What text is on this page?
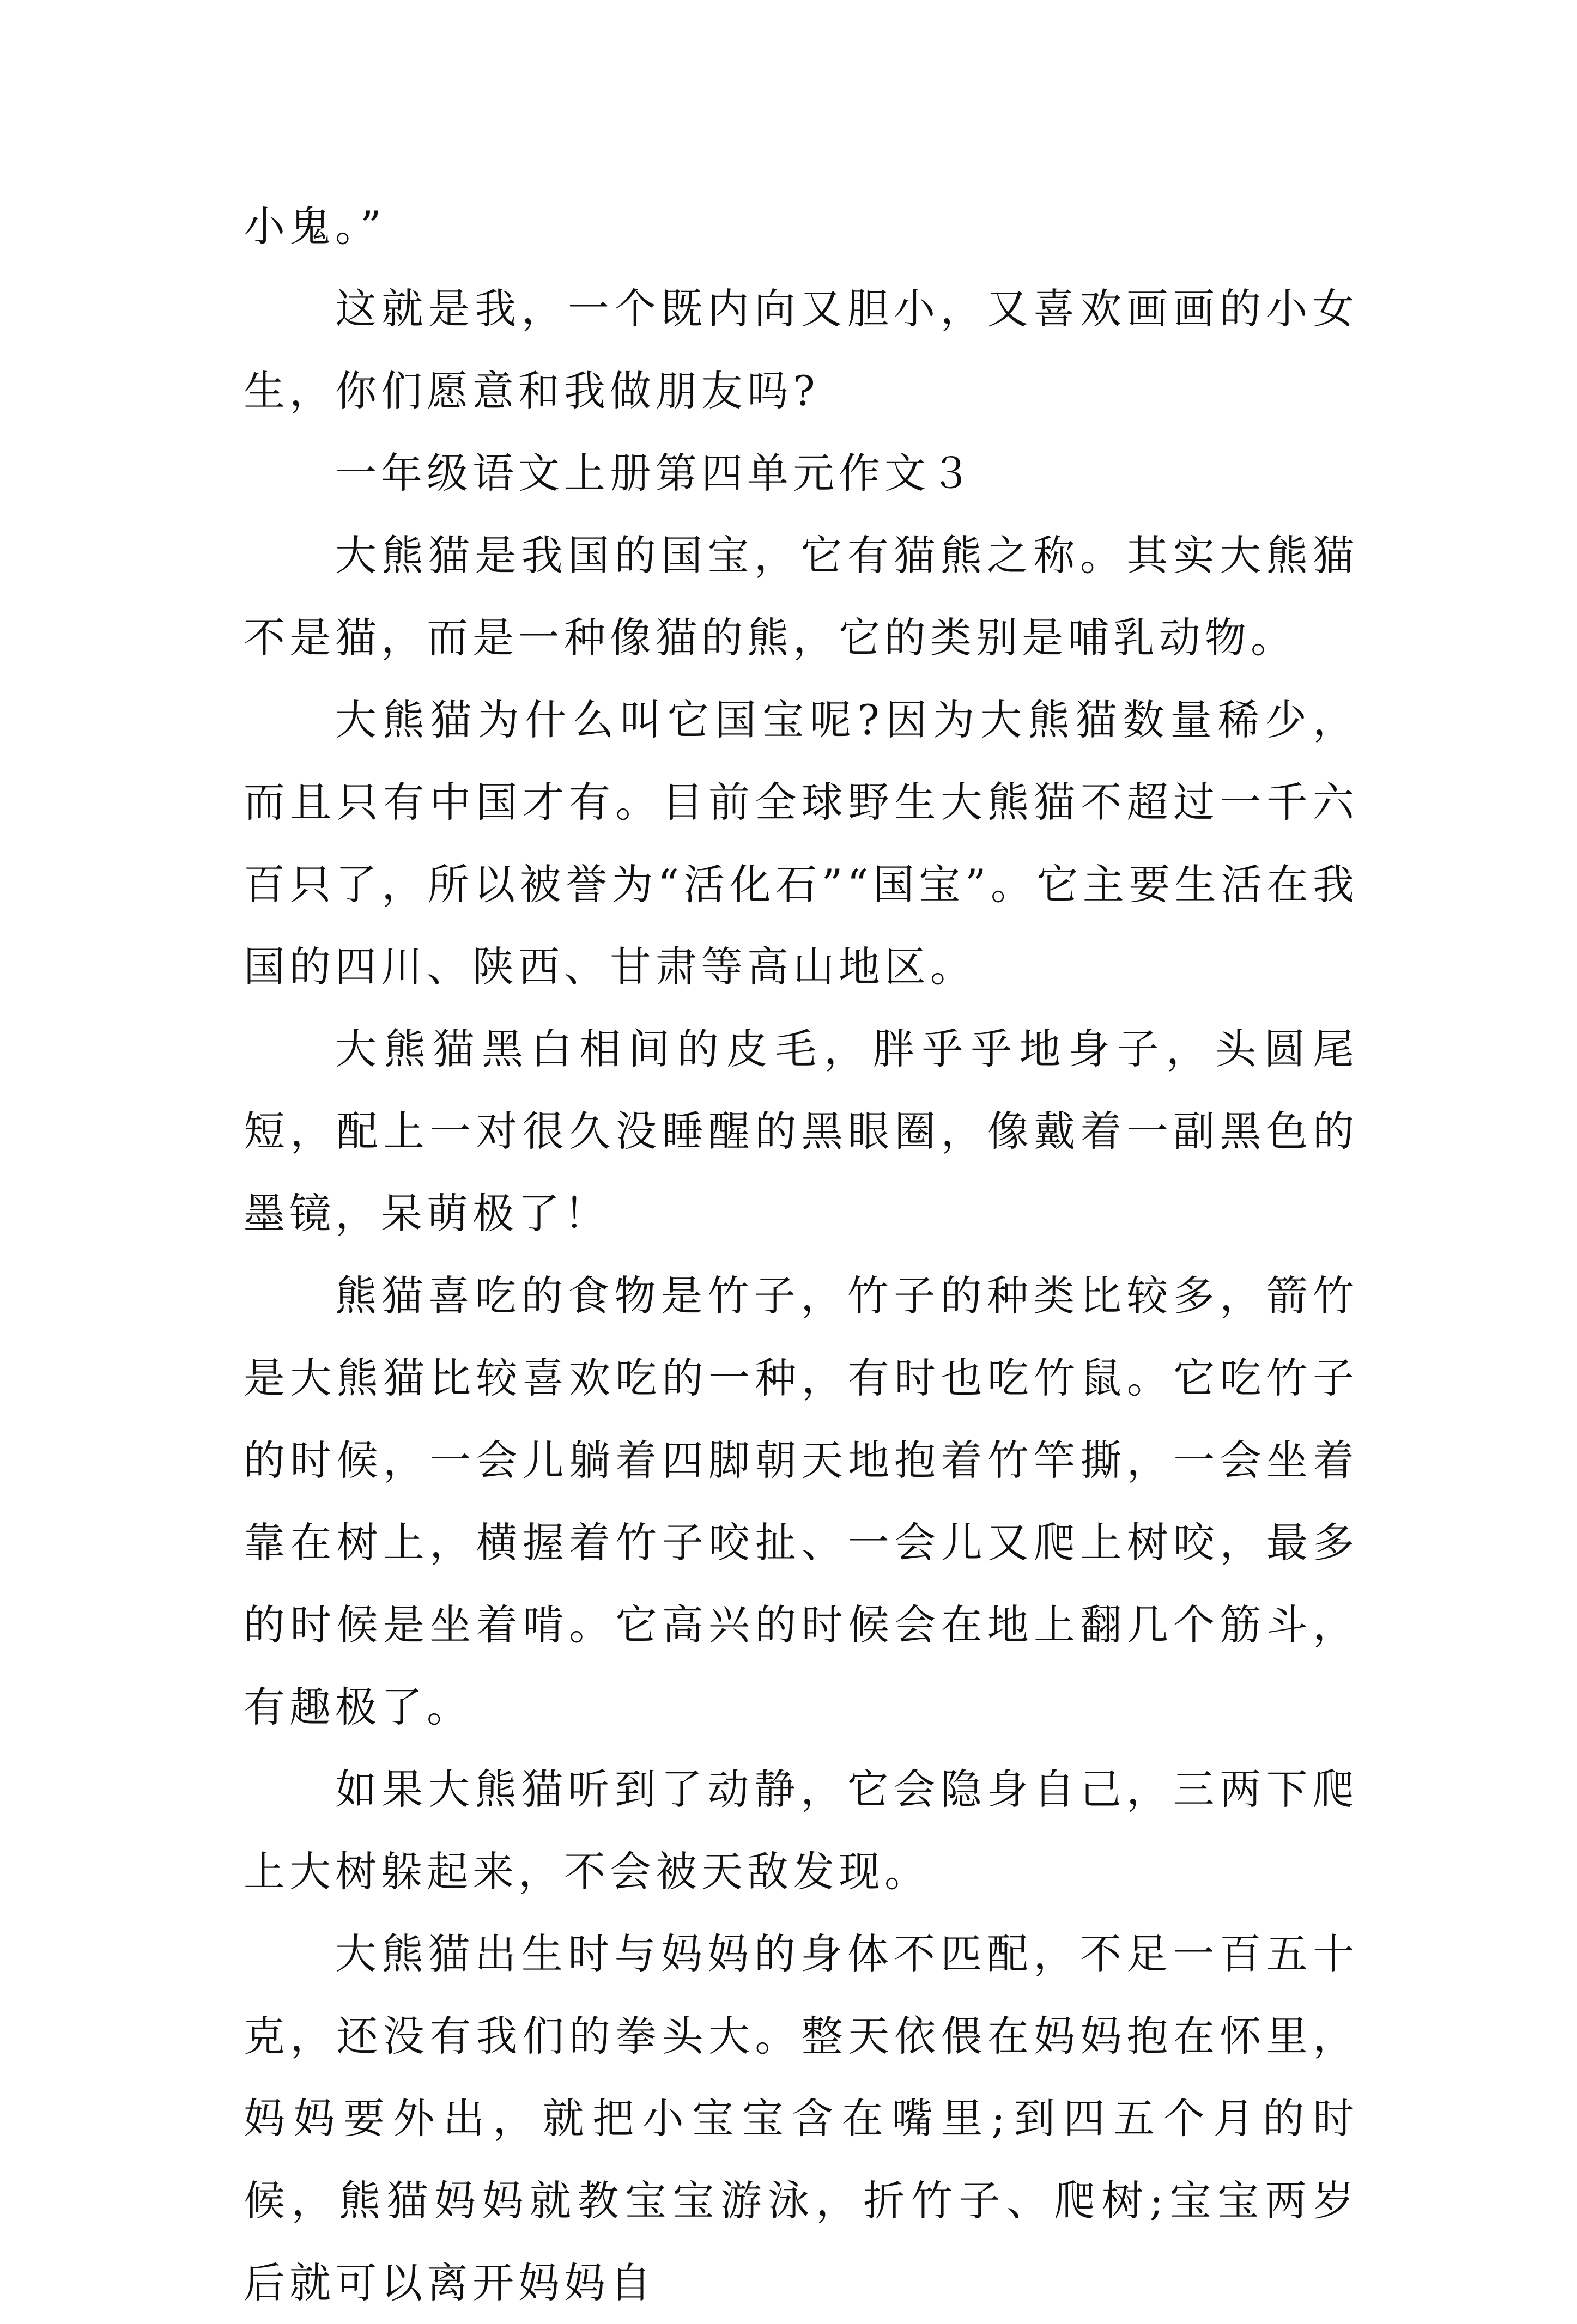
小鬼。”

这就是我，一个既内向又胆小，又喜欢画画的小女生，你们愿意和我做朋友吗?

一年级语文上册第四单元作文３

大熊猫是我国的国宝，它有猫熊之称。其实大熊猫不是猫，而是一种像猫的熊，它的类别是哺乳动物。

大熊猫为什么叫它国宝呢?因为大熊猫数量稀少，而且只有中国才有。目前全球野生大熊猫不超过一千六百只了，所以被誉为“活化石”“国宝”。它主要生活在我国的四川、陕西、甘肃等高山地区。

大熊猫黑白相间的皮毛，胖乎乎地身子，头圆尾短，配上一对很久没睡醒的黑眼圈，像戴着一副黑色的墨镜，呆萌极了！

熊猫喜吃的食物是竹子，竹子的种类比较多，箭竹是大熊猫比较喜欢吃的一种，有时也吃竹鼠。它吃竹子的时候，一会儿躺着四脚朝天地抱着竹竿撕，一会坐着靠在树上，横握着竹子咬扯、一会儿又爬上树咬，最多的时候是坐着啃。它高兴的时候会在地上翻几个筋斗，有趣极了。

如果大熊猫听到了动静，它会隐身自己，三两下爬上大树躲起来，不会被天敌发现。

大熊猫出生时与妈妈的身体不匹配，不足一百五十克，还没有我们的拳头大。整天依偎在妈妈抱在怀里，妈妈要外出，就把小宝宝含在嘴里;到四五个月的时候，熊猫妈妈就教宝宝游泳，折竹子、爬树;宝宝两岁后就可以离开妈妈自
